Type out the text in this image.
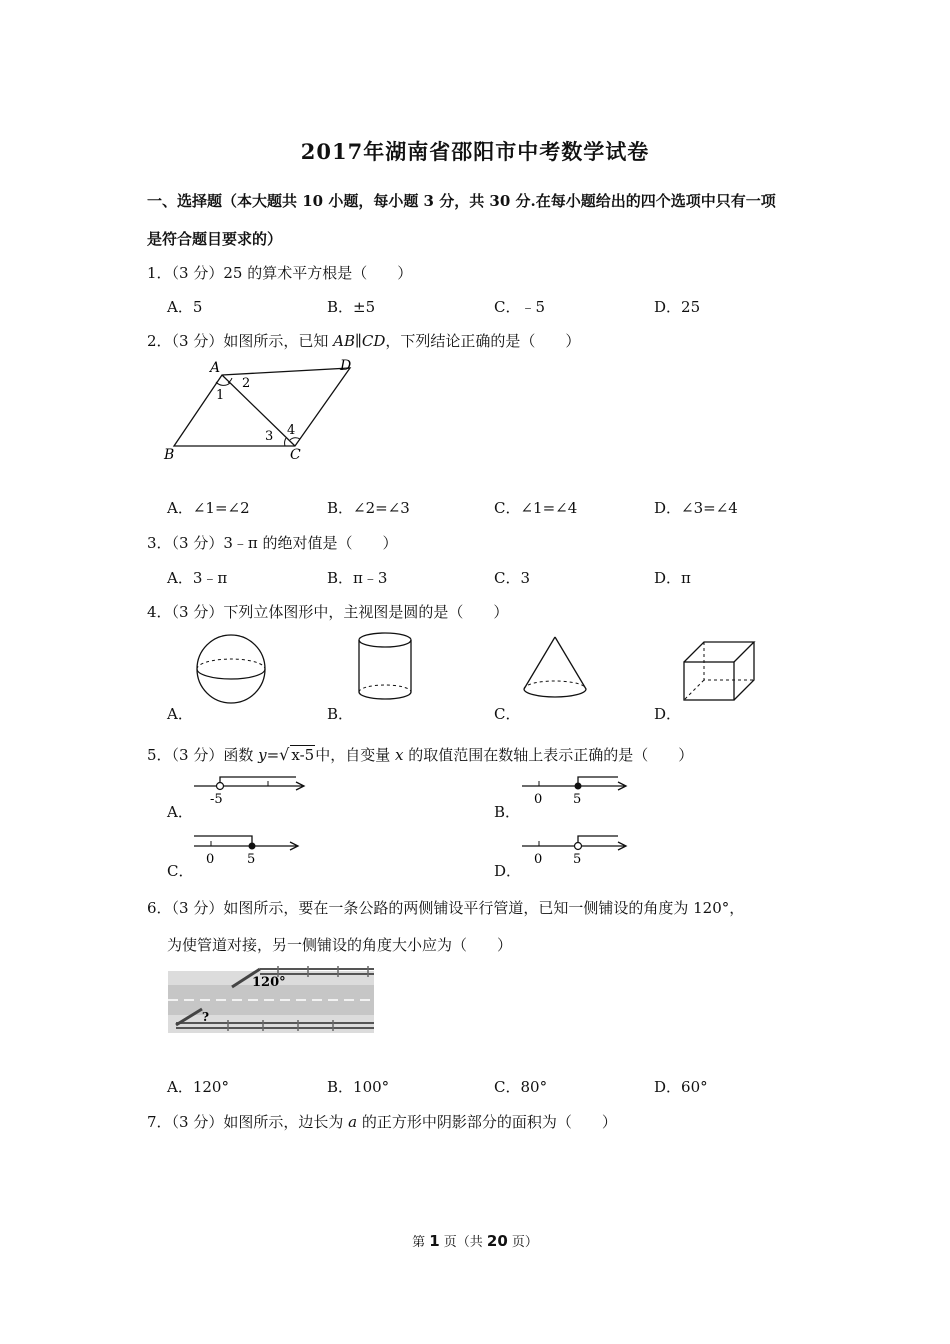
2017年湖南省邵阳市中考数学试卷
一、选择题（本大题共 10 小题，每小题 3 分，共 30 分.在每小题给出的四个选项中只有一项
是符合题目要求的）
1．（3 分）25 的算术平方根是（　　）
A．5	B．±5	C．﹣5	D．25
2．（3 分）如图所示，已知 AB∥CD，下列结论正确的是（　　）
A	D
B	C
1
2
3 4
A．∠1=∠2	B．∠2=∠3	C．∠1=∠4	D．∠3=∠4
3．（3 分）3﹣π 的绝对值是（　　）
A．3﹣π	B．π﹣3	C．3	D．π
4．（3 分）下列立体图形中，主视图是圆的是（　　）
A．	B．	C．	D．
5．（3 分）函数 y=√ x-5中，自变量 x 的取值范围在数轴上表示正确的是（　　）
-5
A．
0 5
B．
0	5
C．
0 5
D．
6．（3 分）如图所示，要在一条公路的两侧铺设平行管道，已知一侧铺设的角度为 120°，
为使管道对接，另一侧铺设的角度大小应为（　　）
120°
?
A．120°	B．100°	C．80°	D．60°
7．（3 分）如图所示，边长为 a 的正方形中阴影部分的面积为（　　）
第 1 页（共 20 页）
